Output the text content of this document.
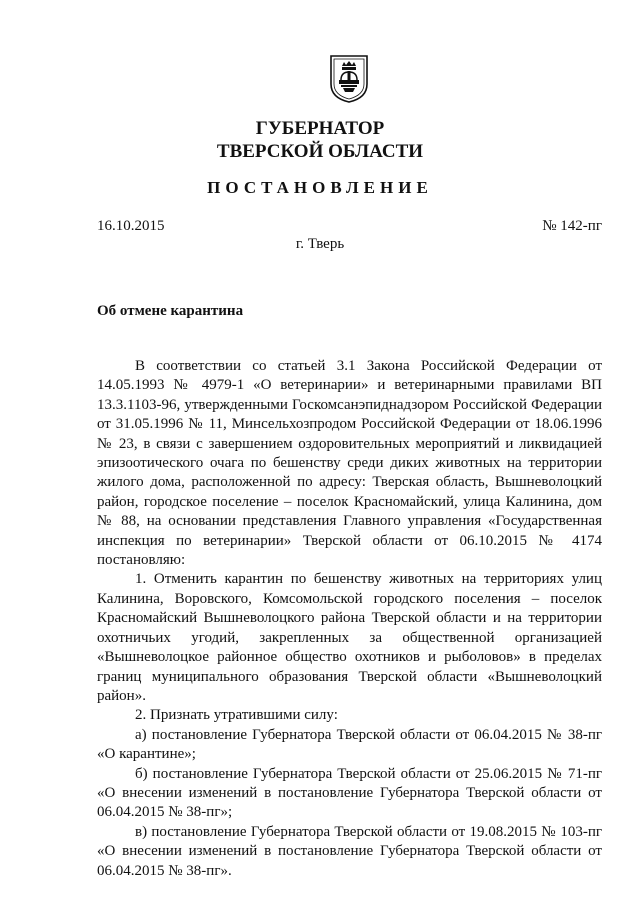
ГУБЕРНАТОР
ТВЕРСКОЙ ОБЛАСТИ
ПОСТАНОВЛЕНИЕ
16.10.2015	№ 142-пг
г. Тверь
Об отмене карантина

В соответствии со статьей 3.1 Закона Российской Федерации от 14.05.1993 № 4979-1 «О ветеринарии» и ветеринарными правилами ВП 13.3.1103-96, утвержденными Госкомсанэпиднадзором Российской Федерации от 31.05.1996 № 11, Минсельхозпродом Российской Федерации от 18.06.1996 № 23, в связи с завершением оздоровительных мероприятий и ликвидацией эпизоотического очага по бешенству среди диких животных на территории жилого дома, расположенной по адресу: Тверская область, Вышневолоцкий район, городское поселение – поселок Красномайский, улица Калинина, дом № 88, на основании представления Главного управления «Государственная инспекция по ветеринарии» Тверской области от 06.10.2015 № 4174 постановляю:

1. Отменить карантин по бешенству животных на территориях улиц Калинина, Воровского, Комсомольской городского поселения – поселок Красномайский Вышневолоцкого района Тверской области и на территории охотничьих угодий, закрепленных за общественной организацией «Вышневолоцкое районное общество охотников и рыболовов» в пределах границ муниципального образования Тверской области «Вышневолоцкий район».

2. Признать утратившими силу:

а) постановление Губернатора Тверской области от 06.04.2015 № 38-пг «О карантине»;

б) постановление Губернатора Тверской области от 25.06.2015 № 71-пг «О внесении изменений в постановление Губернатора Тверской области от 06.04.2015 № 38-пг»;

в) постановление Губернатора Тверской области от 19.08.2015 № 103-пг «О внесении изменений в постановление Губернатора Тверской области от 06.04.2015 № 38-пг».
